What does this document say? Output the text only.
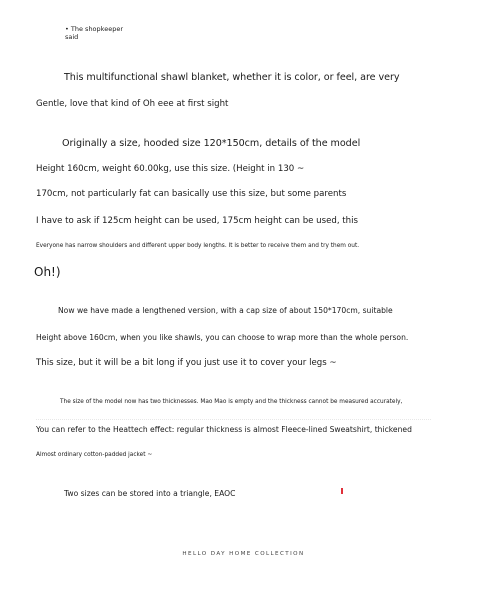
• The shopkeeper
said
This multifunctional shawl blanket, whether it is color, or feel, are very
Gentle, love that kind of Oh eee at first sight
Originally a size, hooded size 120*150cm, details of the model
Height 160cm, weight 60.00kg, use this size. (Height in 130 ~
170cm, not particularly fat can basically use this size, but some parents
I have to ask if 125cm height can be used, 175cm height can be used, this
Everyone has narrow shoulders and different upper body lengths. It is better to receive them and try them out.
Oh!)
Now we have made a lengthened version, with a cap size of about 150*170cm, suitable
Height above 160cm, when you like shawls, you can choose to wrap more than the whole person.
This size, but it will be a bit long if you just use it to cover your legs ~
The size of the model now has two thicknesses. Mao Mao is empty and the thickness cannot be measured accurately,
You can refer to the Heattech effect: regular thickness is almost Fleece-lined Sweatshirt, thickened
Almost ordinary cotton-padded jacket ~
Two sizes can be stored into a triangle, EAOC
HELLO DAY HOME COLLECTION
